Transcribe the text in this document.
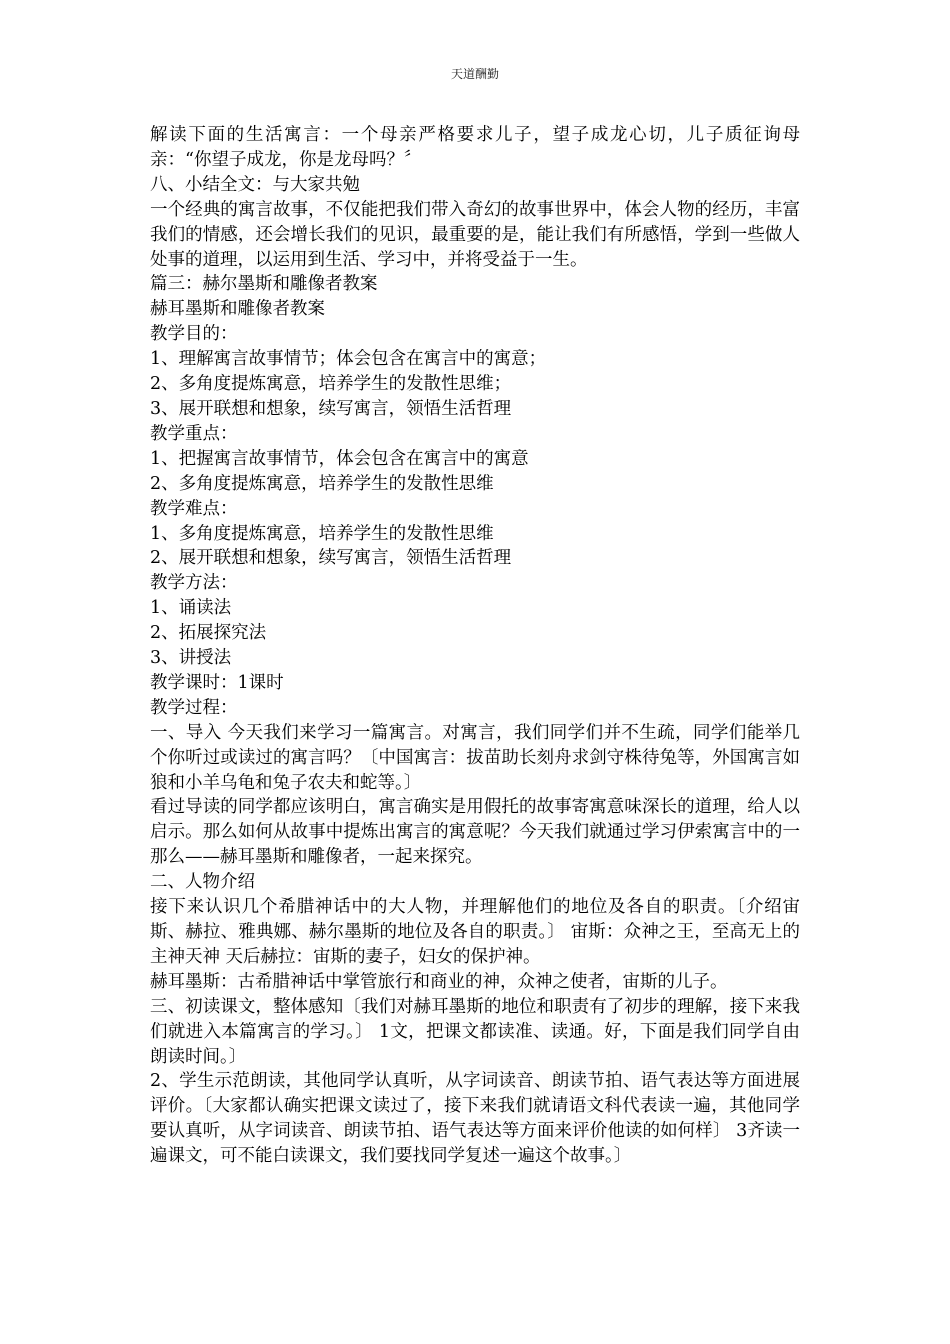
天道酬勤

解读下面的生活寓言：一个母亲严格要求儿子，望子成龙心切，儿子质征询母亲：“你望子成龙，你是龙母吗？〞

八、小结全文：与大家共勉

一个经典的寓言故事，不仅能把我们带入奇幻的故事世界中，体会人物的经历，丰富我们的情感，还会增长我们的见识，最重要的是，能让我们有所感悟，学到一些做人处事的道理，以运用到生活、学习中，并将受益于一生。

篇三：赫尔墨斯和雕像者教案

赫耳墨斯和雕像者教案

教学目的：

1、理解寓言故事情节；体会包含在寓言中的寓意；

2、多角度提炼寓意，培养学生的发散性思维；

3、展开联想和想象，续写寓言，领悟生活哲理

教学重点：

1、把握寓言故事情节，体会包含在寓言中的寓意

2、多角度提炼寓意，培养学生的发散性思维

教学难点：

1、多角度提炼寓意，培养学生的发散性思维

2、展开联想和想象，续写寓言，领悟生活哲理

教学方法：

1、诵读法

2、拓展探究法

3、讲授法

教学课时：1课时

教学过程：

一、导入 今天我们来学习一篇寓言。对寓言，我们同学们并不生疏，同学们能举几个你听过或读过的寓言吗？〔中国寓言：拔苗助长刻舟求剑守株待兔等，外国寓言如狼和小羊乌龟和兔子农夫和蛇等。〕

看过导读的同学都应该明白，寓言确实是用假托的故事寄寓意味深长的道理，给人以启示。那么如何从故事中提炼出寓言的寓意呢？今天我们就通过学习伊索寓言中的一那么——赫耳墨斯和雕像者，一起来探究。

二、人物介绍

接下来认识几个希腊神话中的大人物，并理解他们的地位及各自的职责。〔介绍宙斯、赫拉、雅典娜、赫尔墨斯的地位及各自的职责。〕 宙斯：众神之王，至高无上的主神天神 天后赫拉：宙斯的妻子，妇女的保护神。

赫耳墨斯：古希腊神话中掌管旅行和商业的神，众神之使者，宙斯的儿子。

三、初读课文，整体感知〔我们对赫耳墨斯的地位和职责有了初步的理解，接下来我们就进入本篇寓言的学习。〕 1文，把课文都读准、读通。好，下面是我们同学自由朗读时间。〕

2、学生示范朗读，其他同学认真听，从字词读音、朗读节拍、语气表达等方面进展评价。〔大家都认确实把课文读过了，接下来我们就请语文科代表读一遍，其他同学要认真听，从字词读音、朗读节拍、语气表达等方面来评价他读的如何样〕 3齐读一遍课文，可不能白读课文，我们要找同学复述一遍这个故事。〕
